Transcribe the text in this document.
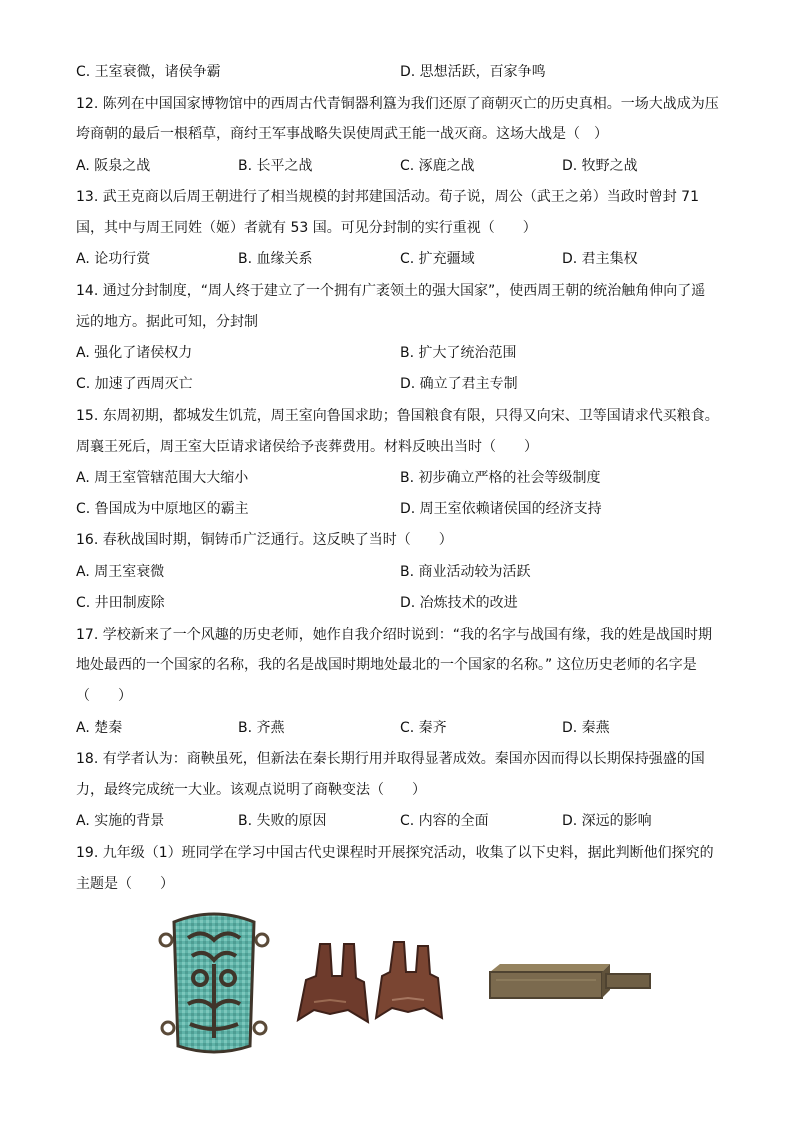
C. 王室衰微，诸侯争霸	D. 思想活跃，百家争鸣
12. 陈列在中国国家博物馆中的西周古代青铜器利簋为我们还原了商朝灭亡的历史真相。一场大战成为压
垮商朝的最后一根稻草，商纣王军事战略失误使周武王能一战灭商。这场大战是（　）
A. 阪泉之战	B. 长平之战	C. 涿鹿之战	D. 牧野之战
13. 武王克商以后周王朝进行了相当规模的封邦建国活动。荀子说，周公（武王之弟）当政时曾封 71
国，其中与周王同姓（姬）者就有 53 国。可见分封制的实行重视（　　）
A. 论功行赏	B. 血缘关系	C. 扩充疆域	D. 君主集权
14. 通过分封制度，“周人终于建立了一个拥有广袤领土的强大国家”，使西周王朝的统治触角伸向了遥
远的地方。据此可知，分封制
A. 强化了诸侯权力	B. 扩大了统治范围
C. 加速了西周灭亡	D. 确立了君主专制
15. 东周初期，都城发生饥荒，周王室向鲁国求助；鲁国粮食有限，只得又向宋、卫等国请求代买粮食。
周襄王死后，周王室大臣请求诸侯给予丧葬费用。材料反映出当时（　　）
A. 周王室管辖范围大大缩小	B. 初步确立严格的社会等级制度
C. 鲁国成为中原地区的霸主	D. 周王室依赖诸侯国的经济支持
16. 春秋战国时期，铜铸币广泛通行。这反映了当时（　　）
A. 周王室衰微	B. 商业活动较为活跃
C. 井田制废除	D. 冶炼技术的改进
17. 学校新来了一个风趣的历史老师，她作自我介绍时说到：“我的名字与战国有缘，我的姓是战国时期
地处最西的一个国家的名称，我的名是战国时期地处最北的一个国家的名称。” 这位历史老师的名字是
（　　）
A. 楚秦	B. 齐燕	C. 秦齐	D. 秦燕
18. 有学者认为：商鞅虽死，但新法在秦长期行用并取得显著成效。秦国亦因而得以长期保持强盛的国
力，最终完成统一大业。该观点说明了商鞅变法（　　）
A. 实施的背景	B. 失败的原因	C. 内容的全面	D. 深远的影响
19. 九年级（1）班同学在学习中国古代史课程时开展探究活动，收集了以下史料，据此判断他们探究的
主题是（　　）
